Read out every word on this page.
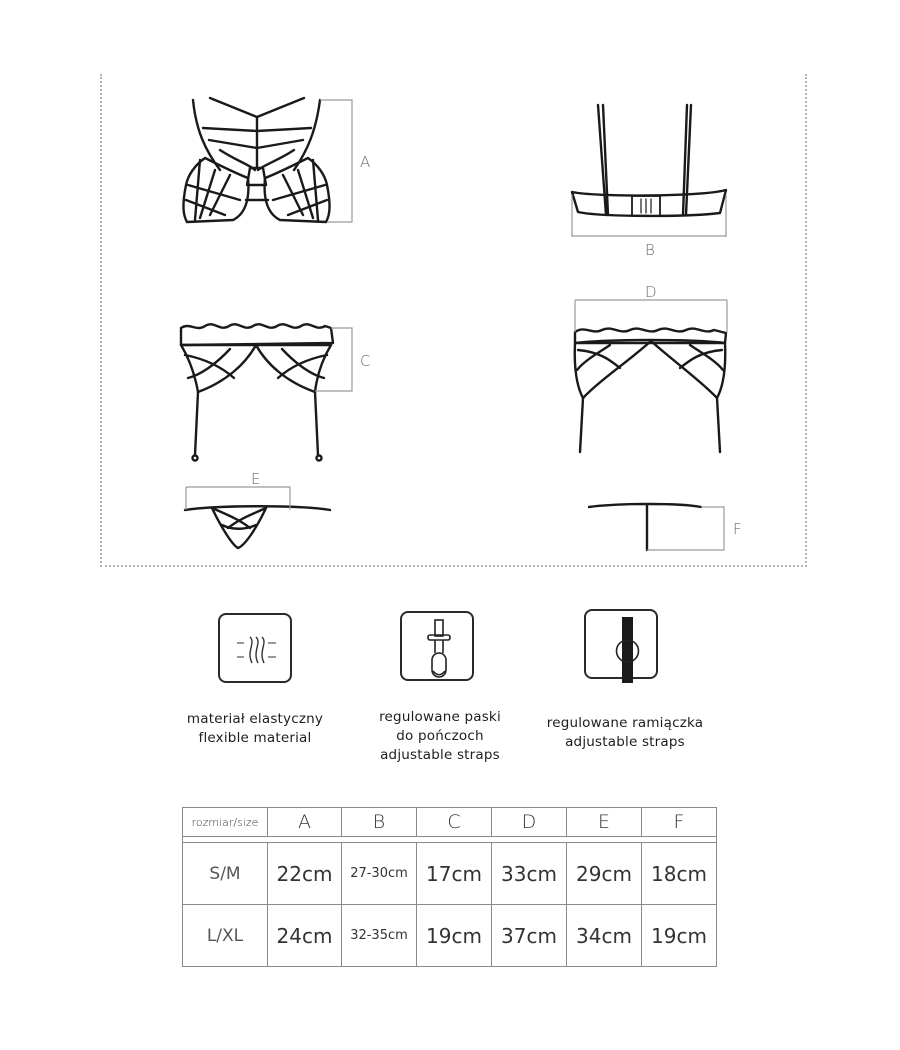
A
B
C
D
E
F
materiał elastyczny
flexible material
regulowane paski
do pończoch
adjustable straps
regulowane ramiączka
adjustable straps
rozmiar/size	A	B	C	D	E	F

S/M	22cm	27-30cm	17cm	33cm	29cm	18cm
L/XL	24cm	32-35cm	19cm	37cm	34cm	19cm
